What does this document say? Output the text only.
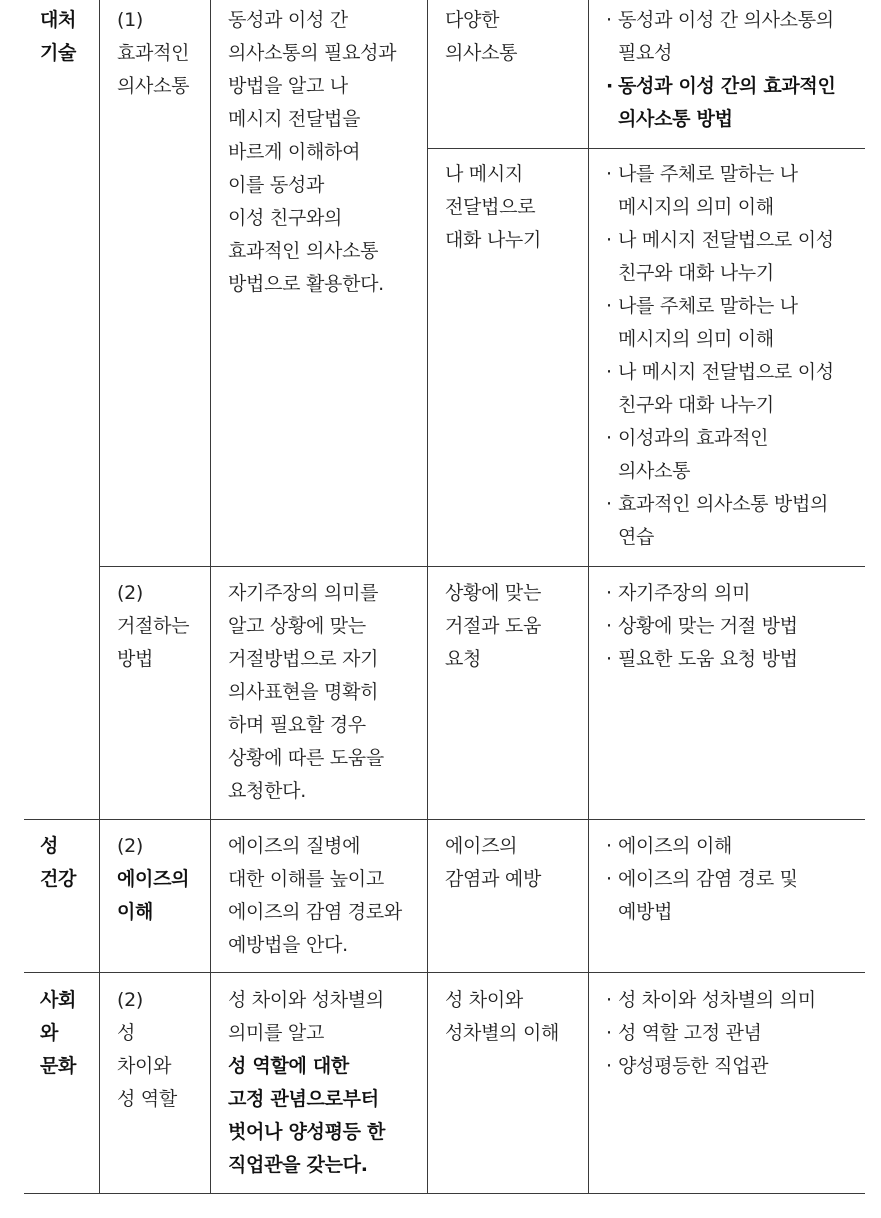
대처
기술
(1)
효과적인
의사소통
동성과 이성 간
의사소통의 필요성과
방법을 알고 나
메시지 전달법을
바르게 이해하여
이를 동성과
이성 친구와의
효과적인 의사소통
방법으로 활용한다.
다양한
의사소통
· 동성과 이성 간 의사소통의
필요성
· 동성과 이성 간의 효과적인
의사소통 방법
나 메시지
전달법으로
대화 나누기
· 나를 주체로 말하는 나
메시지의 의미 이해
· 나 메시지 전달법으로 이성
친구와 대화 나누기
· 나를 주체로 말하는 나
메시지의 의미 이해
· 나 메시지 전달법으로 이성
친구와 대화 나누기
· 이성과의 효과적인
의사소통
· 효과적인 의사소통 방법의
연습
(2)
거절하는
방법
자기주장의 의미를
알고 상황에 맞는
거절방법으로 자기
의사표현을 명확히
하며 필요할 경우
상황에 따른 도움을
요청한다.
상황에 맞는
거절과 도움
요청
· 자기주장의 의미
· 상황에 맞는 거절 방법
· 필요한 도움 요청 방법
성
건강
(2)
에이즈의
이해
에이즈의 질병에
대한 이해를 높이고
에이즈의 감염 경로와
예방법을 안다.
에이즈의
감염과 예방
· 에이즈의 이해
· 에이즈의 감염 경로 및
예방법
사회
와
문화
(2)
성
차이와
성 역할
성 차이와 성차별의
의미를 알고
성 역할에 대한
고정 관념으로부터
벗어나 양성평등 한
직업관을 갖는다.
성 차이와
성차별의 이해
· 성 차이와 성차별의 의미
· 성 역할 고정 관념
· 양성평등한 직업관
